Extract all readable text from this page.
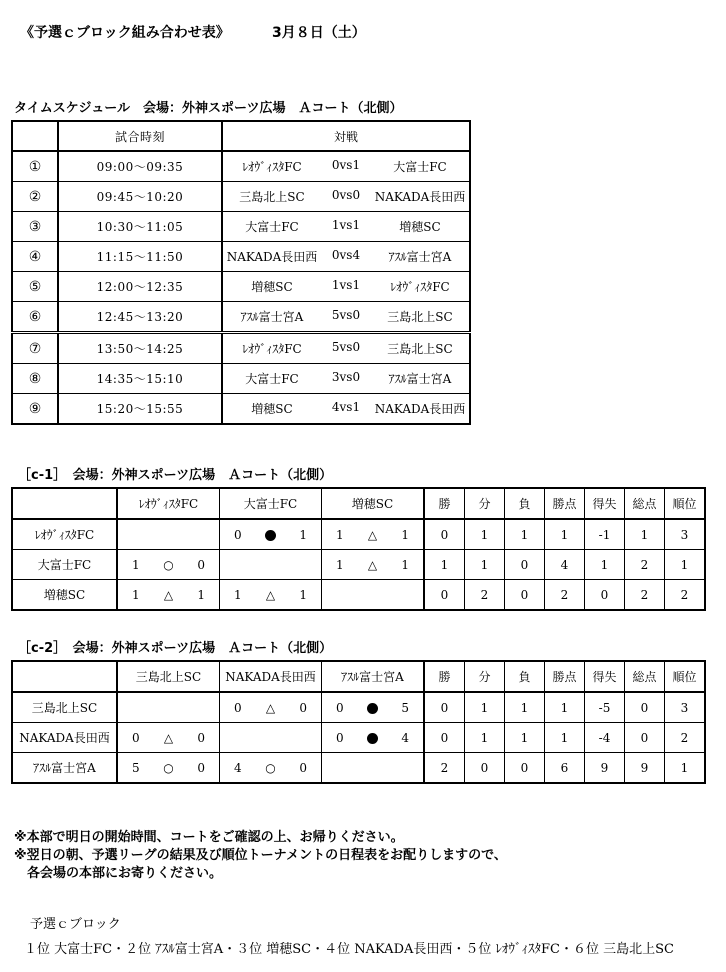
《予選ｃブロック組み合わせ表》	3月８日（土）
タイムスケジュール　会場：外神スポーツ広場　Ａコート（北側）
	試合時刻	対戦
①	09:00～09:35	ﾚｵｳﾞｨｽﾀFC 0vs1 大富士FC

②	09:45～10:20	三島北上SC 0vs0 NAKADA長田西

③	10:30～11:05	大富士FC 1vs1 増穂SC

④	11:15～11:50	NAKADA長田西 0vs4 ｱｽﾙ富士宮A

⑤	12:00～12:35	増穂SC 1vs1 ﾚｵｳﾞｨｽﾀFC

⑥	12:45～13:20	ｱｽﾙ富士宮A 5vs0 三島北上SC

⑦	13:50～14:25	ﾚｵｳﾞｨｽﾀFC 5vs0 三島北上SC

⑧	14:35～15:10	大富士FC 3vs0 ｱｽﾙ富士宮A

⑨	15:20～15:55	増穂SC 4vs1 NAKADA長田西
［c-1］　会場：外神スポーツ広場　Ａコート（北側）
	ﾚｵｳﾞｨｽﾀFC	大富士FC	増穂SC	勝	分	負	勝点	得失	総点	順位
ﾚｵｳﾞｨｽﾀFC		0 1	1 △ 1	0	1	1	1	-1	1	3
大富士FC	1 ○ 0		1 △ 1	1	1	0	4	1	2	1
増穂SC	1 △ 1	1 △ 1		0	2	0	2	0	2	2
［c-2］　会場：外神スポーツ広場　Ａコート（北側）
	三島北上SC	NAKADA長田西	ｱｽﾙ富士宮A	勝	分	負	勝点	得失	総点	順位
三島北上SC		0 △ 0	0 5	0	1	1	1	-5	0	3
NAKADA長田西	0 △ 0		0 4	0	1	1	1	-4	0	2
ｱｽﾙ富士宮A	5 ○ 0	4 ○ 0		2	0	0	6	9	9	1
※本部で明日の開始時間、コートをご確認の上、お帰りください。
※翌日の朝、予選リーグの結果及び順位トーナメントの日程表をお配りしますので、
　各会場の本部にお寄りください。
予選ｃブロック
１位 大富士FC・２位 ｱｽﾙ富士宮A・３位 増穂SC・４位 NAKADA長田西・５位 ﾚｵｳﾞｨｽﾀFC・６位 三島北上SC
